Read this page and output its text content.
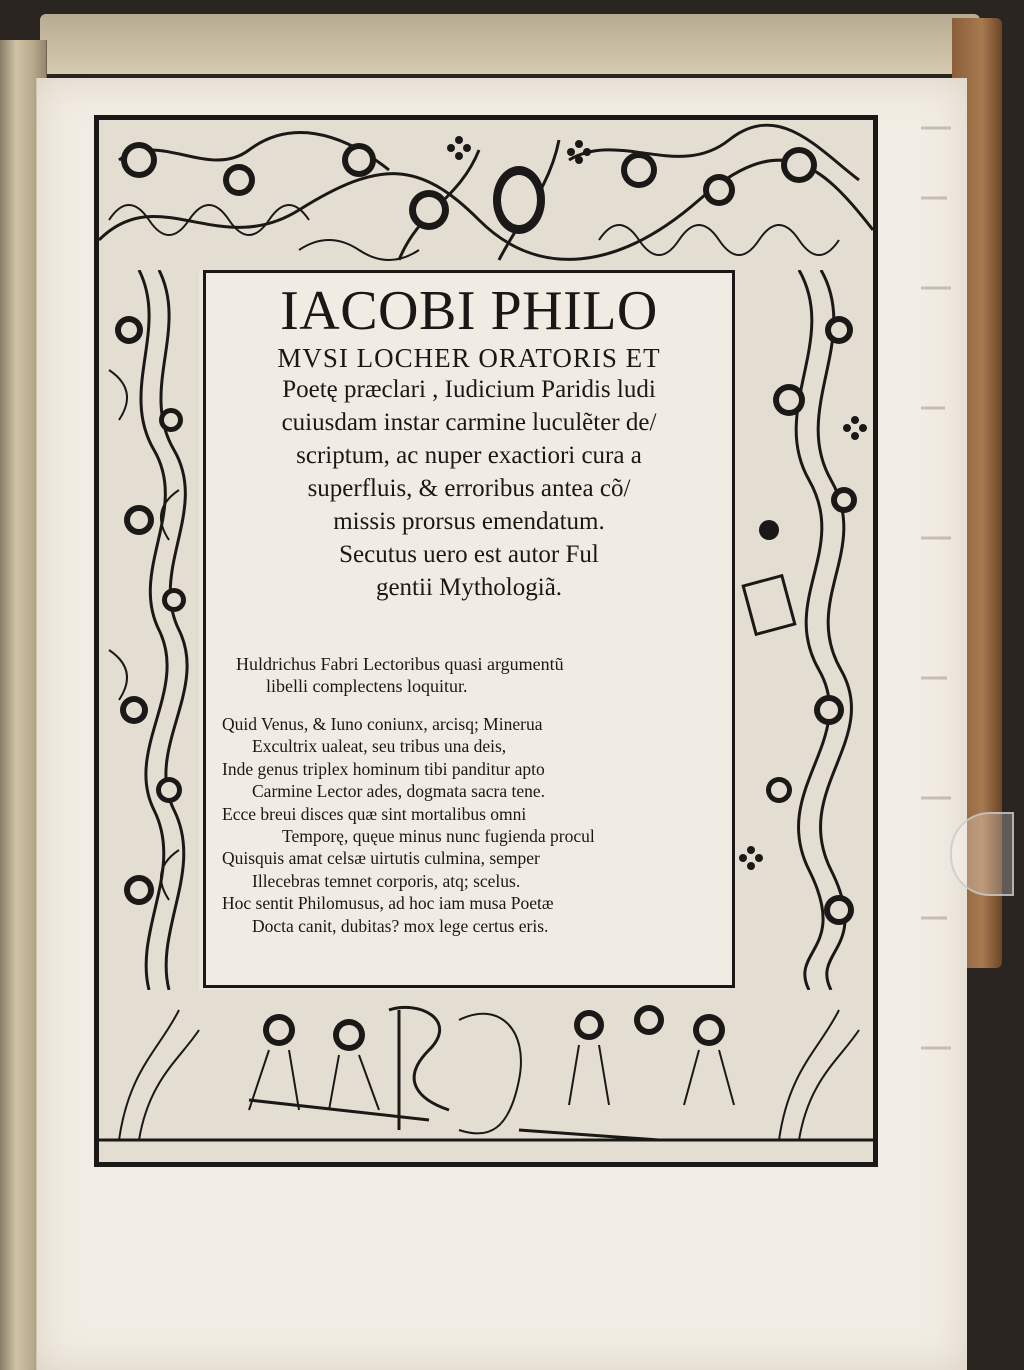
IACOBI PHILO
MVSI LOCHER ORATORIS ET
Poetę præclari , Iudicium Paridis ludi
cuiusdam instar carmine luculẽter de/
scriptum, ac nuper exactiori cura a
superfluis, & erroribus antea cõ/
missis prorsus emendatum.
Secutus uero est autor Ful
gentii Mythologiã.
Huldrichus Fabri Lectoribus quasi argumentũ
libelli complectens loquitur.
Quid Venus, & Iuno coniunx, arcisq; Minerua
Excultrix ualeat, seu tribus una deis,
Inde genus triplex hominum tibi panditur apto
Carmine Lector ades, dogmata sacra tene.
Ecce breui disces quæ sint mortalibus omni
Temporę, quęue minus nunc fugienda procul
Quisquis amat celsæ uirtutis culmina, semper
Illecebras temnet corporis, atq; scelus.
Hoc sentit Philomusus, ad hoc iam musa Poetæ
Docta canit, dubitas? mox lege certus eris.
